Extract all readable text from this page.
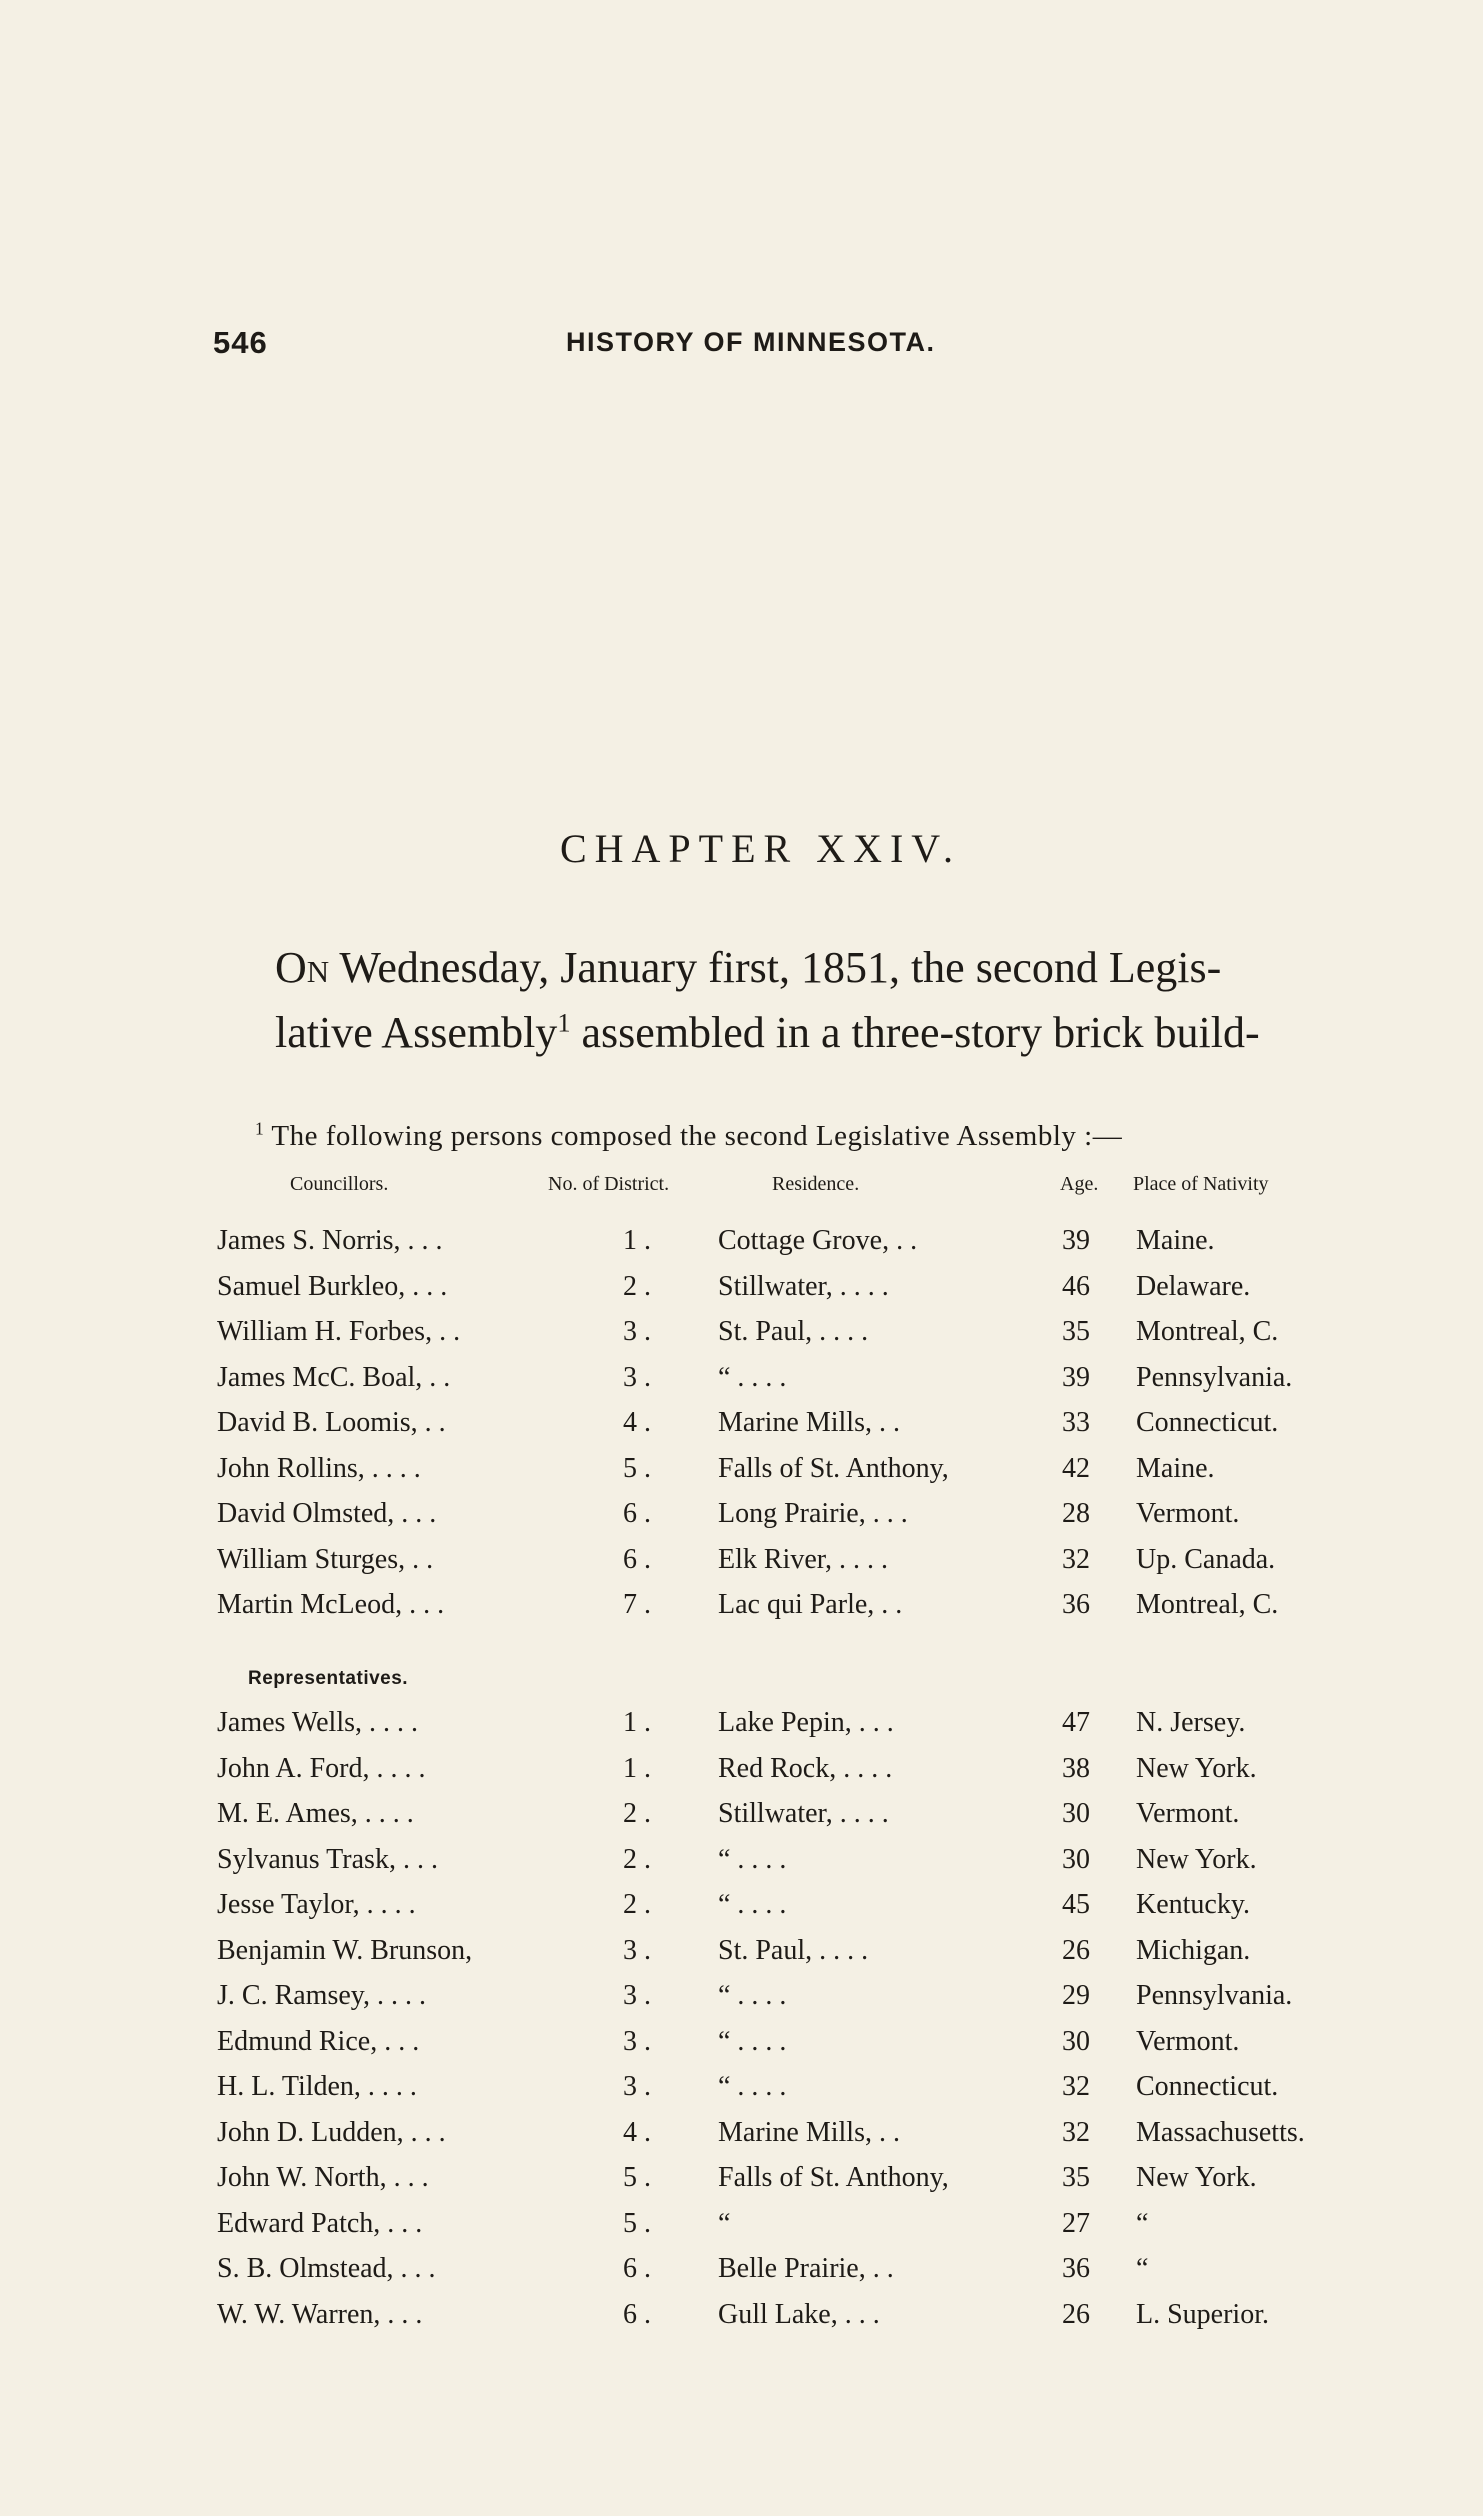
546	HISTORY OF MINNESOTA.
CHAPTER XXIV.
On Wednesday, January first, 1851, the second Legis-
lative Assembly$^1$ assembled in a three-story brick build-
$^1$ The following persons composed the second Legislative Assembly :—
Councillors.	No. of District.	Residence.	Age. Place of Nativity
James S. Norris, . . .	1 . Cottage Grove, . .	39 Maine.
Samuel Burkleo, . . .	2 . Stillwater, . . . .	46 Delaware.
William H. Forbes, . .	3 . St. Paul, . . . .	35 Montreal, C.
James McC. Boal, . .	3 . “ . . . .	39 Pennsylvania.
David B. Loomis, . .	4 . Marine Mills, . .	33 Connecticut.
John Rollins, . . . .	5 . Falls of St. Anthony,	42 Maine.
David Olmsted, . . .	6 . Long Prairie, . . .	28 Vermont.
William Sturges, . .	6 . Elk River, . . . .	32 Up. Canada.
Martin McLeod, . . .	7 . Lac qui Parle, . .	36 Montreal, C.
Representatives.
James Wells, . . . .	1 . Lake Pepin, . . .	47 N. Jersey.
John A. Ford, . . . .	1 . Red Rock, . . . .	38 New York.
M. E. Ames, . . . .	2 . Stillwater, . . . .	30 Vermont.
Sylvanus Trask, . . .	2 . “ . . . .	30 New York.
Jesse Taylor, . . . .	2 . “ . . . .	45 Kentucky.
Benjamin W. Brunson,	3 . St. Paul, . . . .	26 Michigan.
J. C. Ramsey, . . . .	3 . “ . . . .	29 Pennsylvania.
Edmund Rice, . . .	3 . “ . . . .	30 Vermont.
H. L. Tilden, . . . .	3 . “ . . . .	32 Connecticut.
John D. Ludden, . . .	4 . Marine Mills, . .	32 Massachusetts.
John W. North, . . .	5 . Falls of St. Anthony,	35 New York.
Edward Patch, . . .	5 . “	27 “
S. B. Olmstead, . . .	6 . Belle Prairie, . .	36 “
W. W. Warren, . . .	6 . Gull Lake, . . .	26 L. Superior.
